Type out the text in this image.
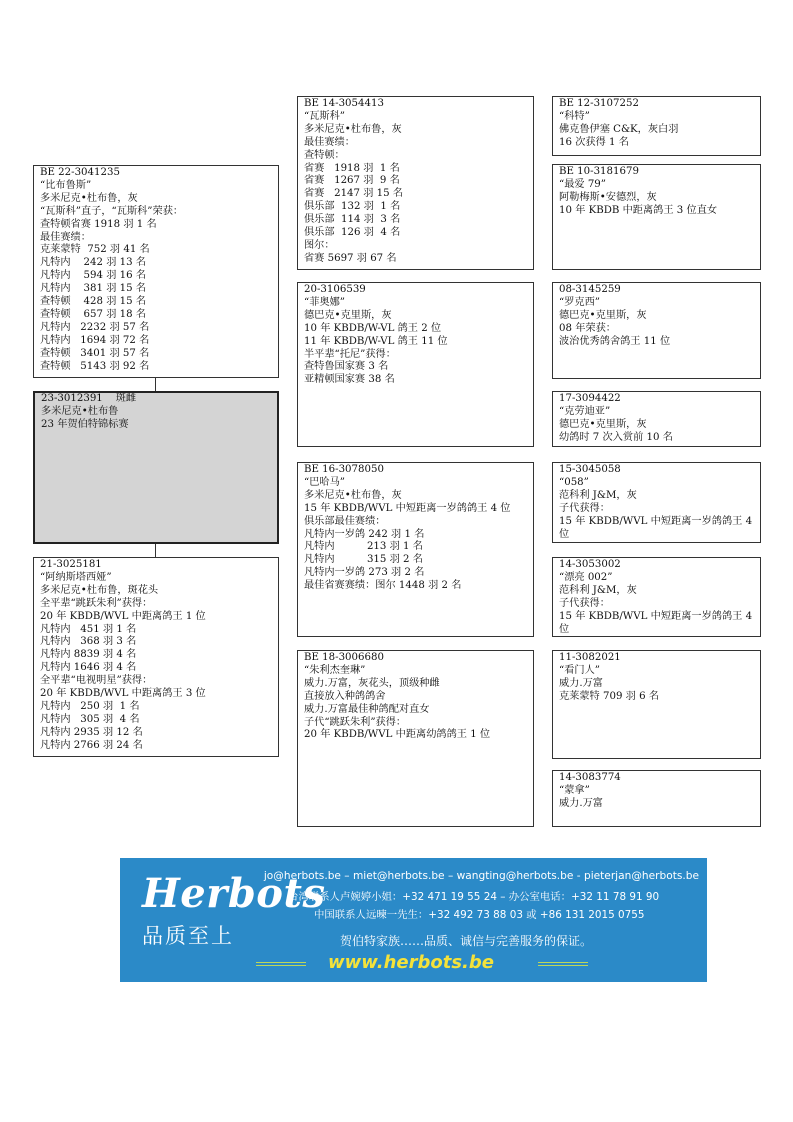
BE 22-3041235
“比布鲁斯”
多米尼克•杜布鲁，灰
“瓦斯科”直子，“瓦斯科”荣获：
查特顿省赛 1918 羽 1 名
最佳赛绩：
克莱蒙特  752 羽 41 名
凡特内    242 羽 13 名
凡特内    594 羽 16 名
凡特内    381 羽 15 名
查特顿    428 羽 15 名
查特顿    657 羽 18 名
凡特内   2232 羽 57 名
凡特内   1694 羽 72 名
查特顿   3401 羽 57 名
查特顿   5143 羽 92 名
23-3012391    斑雌
多米尼克•杜布鲁
23 年贺伯特锦标赛
21-3025181
“阿纳斯塔西娅”
多米尼克•杜布鲁，斑花头
全平辈“跳跃朱利”获得：
20 年 KBDB/WVL 中距离鸽王 1 位
凡特内   451 羽 1 名
凡特内   368 羽 3 名
凡特内 8839 羽 4 名
凡特内 1646 羽 4 名
全平辈“电视明星”获得：
20 年 KBDB/WVL 中距离鸽王 3 位
凡特内   250 羽  1 名
凡特内   305 羽  4 名
凡特内 2935 羽 12 名
凡特内 2766 羽 24 名
BE 14-3054413
“瓦斯科”
多米尼克•杜布鲁，灰
最佳赛绩：
查特顿：
省赛   1918 羽  1 名
省赛   1267 羽  9 名
省赛   2147 羽 15 名
俱乐部  132 羽  1 名
俱乐部  114 羽  3 名
俱乐部  126 羽  4 名
图尔：
省赛 5697 羽 67 名
20-3106539
“菲奥娜”
德巴克•克里斯，灰
10 年 KBDB/W-VL 鸽王 2 位
11 年 KBDB/W-VL 鸽王 11 位
半平辈“托尼”获得：
查特鲁国家赛 3 名
亚精顿国家赛 38 名
BE 16-3078050
“巴哈马”
多米尼克•杜布鲁，灰
15 年 KBDB/WVL 中短距离一岁鸽鸽王 4 位
俱乐部最佳赛绩：
凡特内一岁鸽 242 羽 1 名
凡特内          213 羽 1 名
凡特内          315 羽 2 名
凡特内一岁鸽 273 羽 2 名
最佳省赛赛绩：图尔 1448 羽 2 名
BE 18-3006680
“朱利杰奎琳”
威力.万富，灰花头，顶级种雌
直接放入种鸽鸽舍
威力.万富最佳种鸽配对直女
子代“跳跃朱利”获得：
20 年 KBDB/WVL 中距离幼鸽鸽王 1 位
BE 12-3107252
“科特”
佛克鲁伊塞 C&K，灰白羽
16 次获得 1 名
BE 10-3181679
“最爱 79”
阿勒梅斯•安德烈，灰
10 年 KBDB 中距离鸽王 3 位直女
08-3145259
“罗克西”
德巴克•克里斯，灰
08 年荣获：
波治优秀鸽舍鸽王 11 位
17-3094422
“克劳迪亚”
德巴克•克里斯，灰
幼鸽时 7 次入赏前 10 名
15-3045058
“058”
范科利 J&M，灰
子代获得：
15 年 KBDB/WVL 中短距离一岁鸽鸽王 4 位
14-3053002
“漂亮 002”
范科利 J&M，灰
子代获得：
15 年 KBDB/WVL 中短距离一岁鸽鸽王 4 位
11-3082021
“看门人”
威力.万富
克莱蒙特 709 羽 6 名
14-3083774
“蒙拿”
威力.万富
Herbots
品质至上
jo@herbots.be – miet@herbots.be – wangting@herbots.be - pieterjan@herbots.be
台湾联系人卢婉婷小姐：+32 471 19 55 24 – 办公室电话：+32 11 78 91 90
中国联系人远暕一先生：+32 492 73 88 03 或 +86 131 2015 0755
贺伯特家族……品质、诚信与完善服务的保证。
www.herbots.be
